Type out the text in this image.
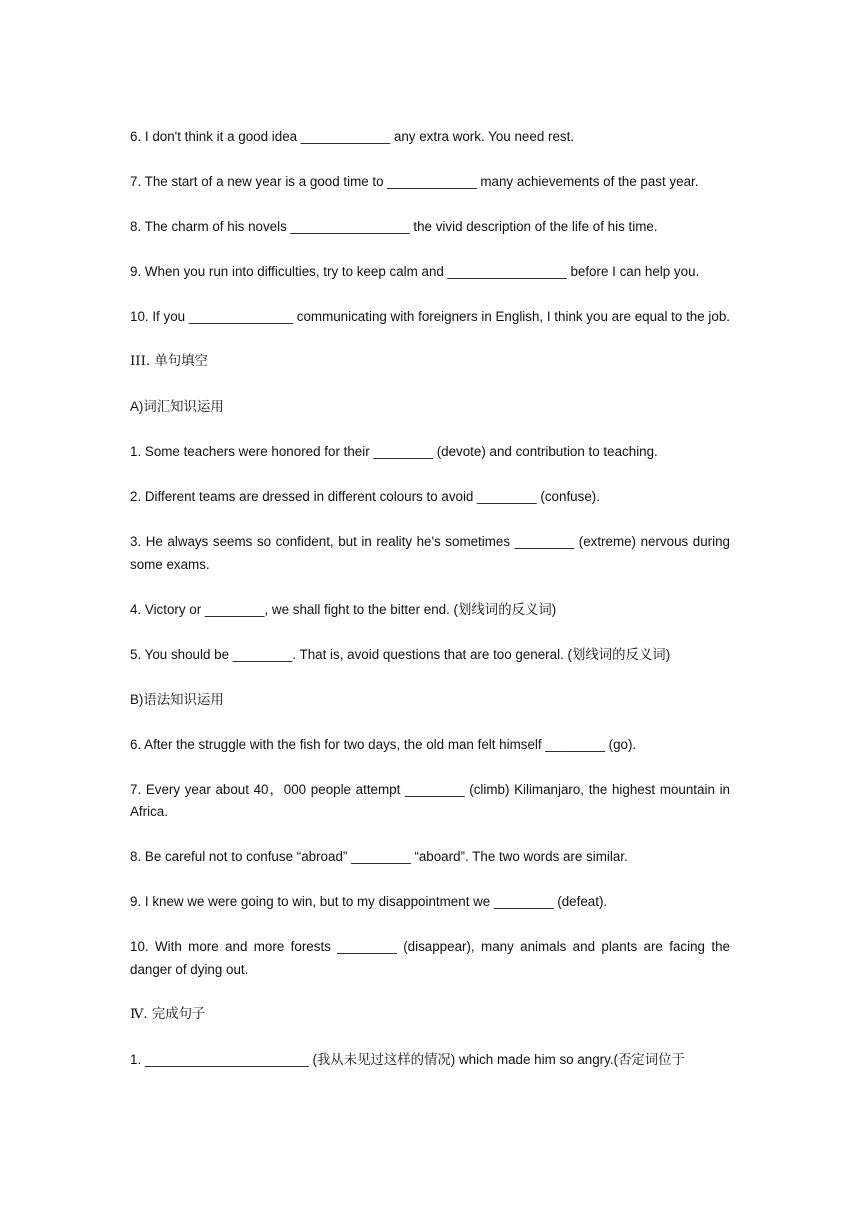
6. I don't think it a good idea ____________ any extra work. You need rest.

7. The start of a new year is a good time to ____________ many achievements of the past year.

8. The charm of his novels ________________ the vivid description of the life of his time.

9. When you run into difficulties, try to keep calm and ________________ before I can help you.

10. If you ______________ communicating with foreigners in English, I think you are equal to the job.

III. 单句填空

A)词汇知识运用

1. Some teachers were honored for their ________ (devote) and contribution to teaching.

2. Different teams are dressed in different colours to avoid ________ (confuse).

3. He always seems so confident, but in reality he's sometimes ________ (extreme) nervous during some exams.

4. Victory or ________, we shall fight to the bitter end. (划线词的反义词)

5. You should be ________. That is, avoid questions that are too general. (划线词的反义词)

B)语法知识运用

6. After the struggle with the fish for two days, the old man felt himself ________ (go).

7. Every year about 40，000 people attempt ________ (climb) Kilimanjaro, the highest mountain in Africa.

8. Be careful not to confuse “abroad” ________ “aboard”. The two words are similar.

9. I knew we were going to win, but to my disappointment we ________ (defeat).

10. With more and more forests ________ (disappear), many animals and plants are facing the danger of dying out.

Ⅳ. 完成句子

1. ______________________ (我从未见过这样的情况) which made him so angry.(否定词位于
